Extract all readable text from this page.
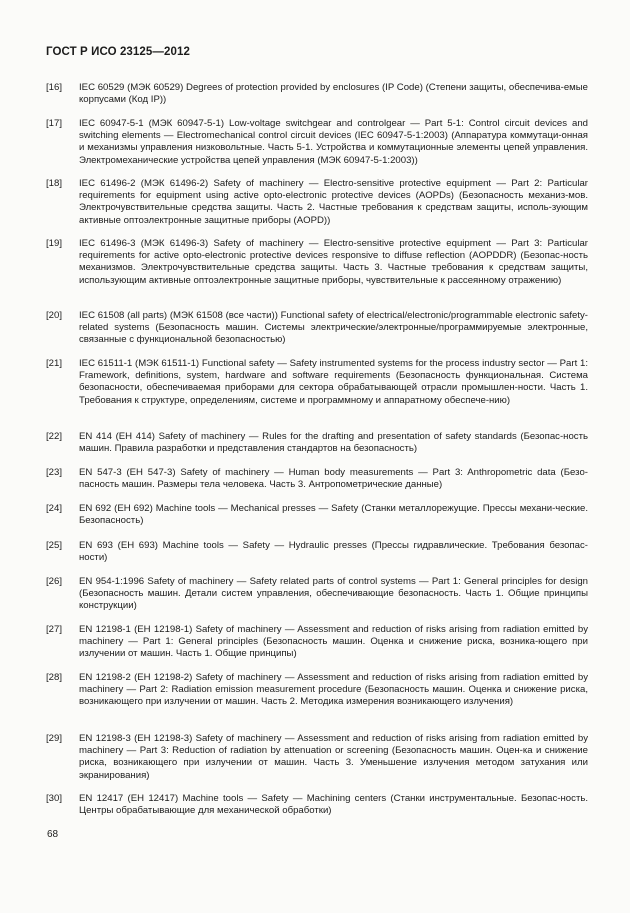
ГОСТ Р ИСО 23125—2012
[16] IEC 60529 (МЭК 60529) Degrees of protection provided by enclosures (IP Code) (Степени защиты, обеспечива-емые корпусами (Код IP))
[17] IEC 60947-5-1 (МЭК 60947-5-1) Low-voltage switchgear and controlgear — Part 5-1: Control circuit devices and switching elements — Electromechanical control circuit devices (IEC 60947-5-1:2003) (Аппаратура коммутаци-онная и механизмы управления низковольтные. Часть 5-1. Устройства и коммутационные элементы цепей управления. Электромеханические устройства цепей управления (МЭК 60947-5-1:2003))
[18] IEC 61496-2 (МЭК 61496-2) Safety of machinery — Electro-sensitive protective equipment — Part 2: Particular requirements for equipment using active opto-electronic protective devices (AOPDs) (Безопасность механиз-мов. Электрочувствительные средства защиты. Часть 2. Частные требования к средствам защиты, исполь-зующим активные оптоэлектронные защитные приборы (AOPD))
[19] IEC 61496-3 (МЭК 61496-3) Safety of machinery — Electro-sensitive protective equipment — Part 3: Particular requirements for active opto-electronic protective devices responsive to diffuse reflection (AOPDDR) (Безопас-ность механизмов. Электрочувствительные средства защиты. Часть 3. Частные требования к средствам защиты, использующим активные оптоэлектронные защитные приборы, чувствительные к рассеянному отражению)
[20] IEC 61508 (all parts) (МЭК 61508 (все части)) Functional safety of electrical/electronic/programmable electronic safety-related systems (Безопасность машин. Системы электрические/электронные/программируемые электронные, связанные с функциональной безопасностью)
[21] IEC 61511-1 (МЭК 61511-1) Functional safety — Safety instrumented systems for the process industry sector — Part 1: Framework, definitions, system, hardware and software requirements (Безопасность функциональная. Система безопасности, обеспечиваемая приборами для сектора обрабатывающей отрасли промышлен-ности. Часть 1. Требования к структуре, определениям, системе и программному и аппаратному обеспече-нию)
[22] EN 414 (ЕН 414) Safety of machinery — Rules for the drafting and presentation of safety standards (Безопас-ность машин. Правила разработки и представления стандартов на безопасность)
[23] EN 547-3 (ЕН 547-3) Safety of machinery — Human body measurements — Part 3: Anthropometric data (Безо-пасность машин. Размеры тела человека. Часть 3. Антропометрические данные)
[24] EN 692 (ЕН 692) Machine tools — Mechanical presses — Safety (Станки металлорежущие. Прессы механи-ческие. Безопасность)
[25] EN 693 (ЕН 693) Machine tools — Safety — Hydraulic presses (Прессы гидравлические. Требования безопас-ности)
[26] EN 954-1:1996 Safety of machinery — Safety related parts of control systems — Part 1: General principles for design (Безопасность машин. Детали систем управления, обеспечивающие безопасность. Часть 1. Общие принципы конструкции)
[27] EN 12198-1 (ЕН 12198-1) Safety of machinery — Assessment and reduction of risks arising from radiation emitted by machinery — Part 1: General principles (Безопасность машин. Оценка и снижение риска, возника-ющего при излучении от машин. Часть 1. Общие принципы)
[28] EN 12198-2 (ЕН 12198-2) Safety of machinery — Assessment and reduction of risks arising from radiation emitted by machinery — Part 2: Radiation emission measurement procedure (Безопасность машин. Оценка и снижение риска, возникающего при излучении от машин. Часть 2. Методика измерения возникающего излучения)
[29] EN 12198-3 (ЕН 12198-3) Safety of machinery — Assessment and reduction of risks arising from radiation emitted by machinery — Part 3: Reduction of radiation by attenuation or screening (Безопасность машин. Оцен-ка и снижение риска, возникающего при излучении от машин. Часть 3. Уменьшение излучения методом затухания или экранирования)
[30] EN 12417 (ЕН 12417) Machine tools — Safety — Machining centers (Станки инструментальные. Безопас-ность. Центры обрабатывающие для механической обработки)
68
